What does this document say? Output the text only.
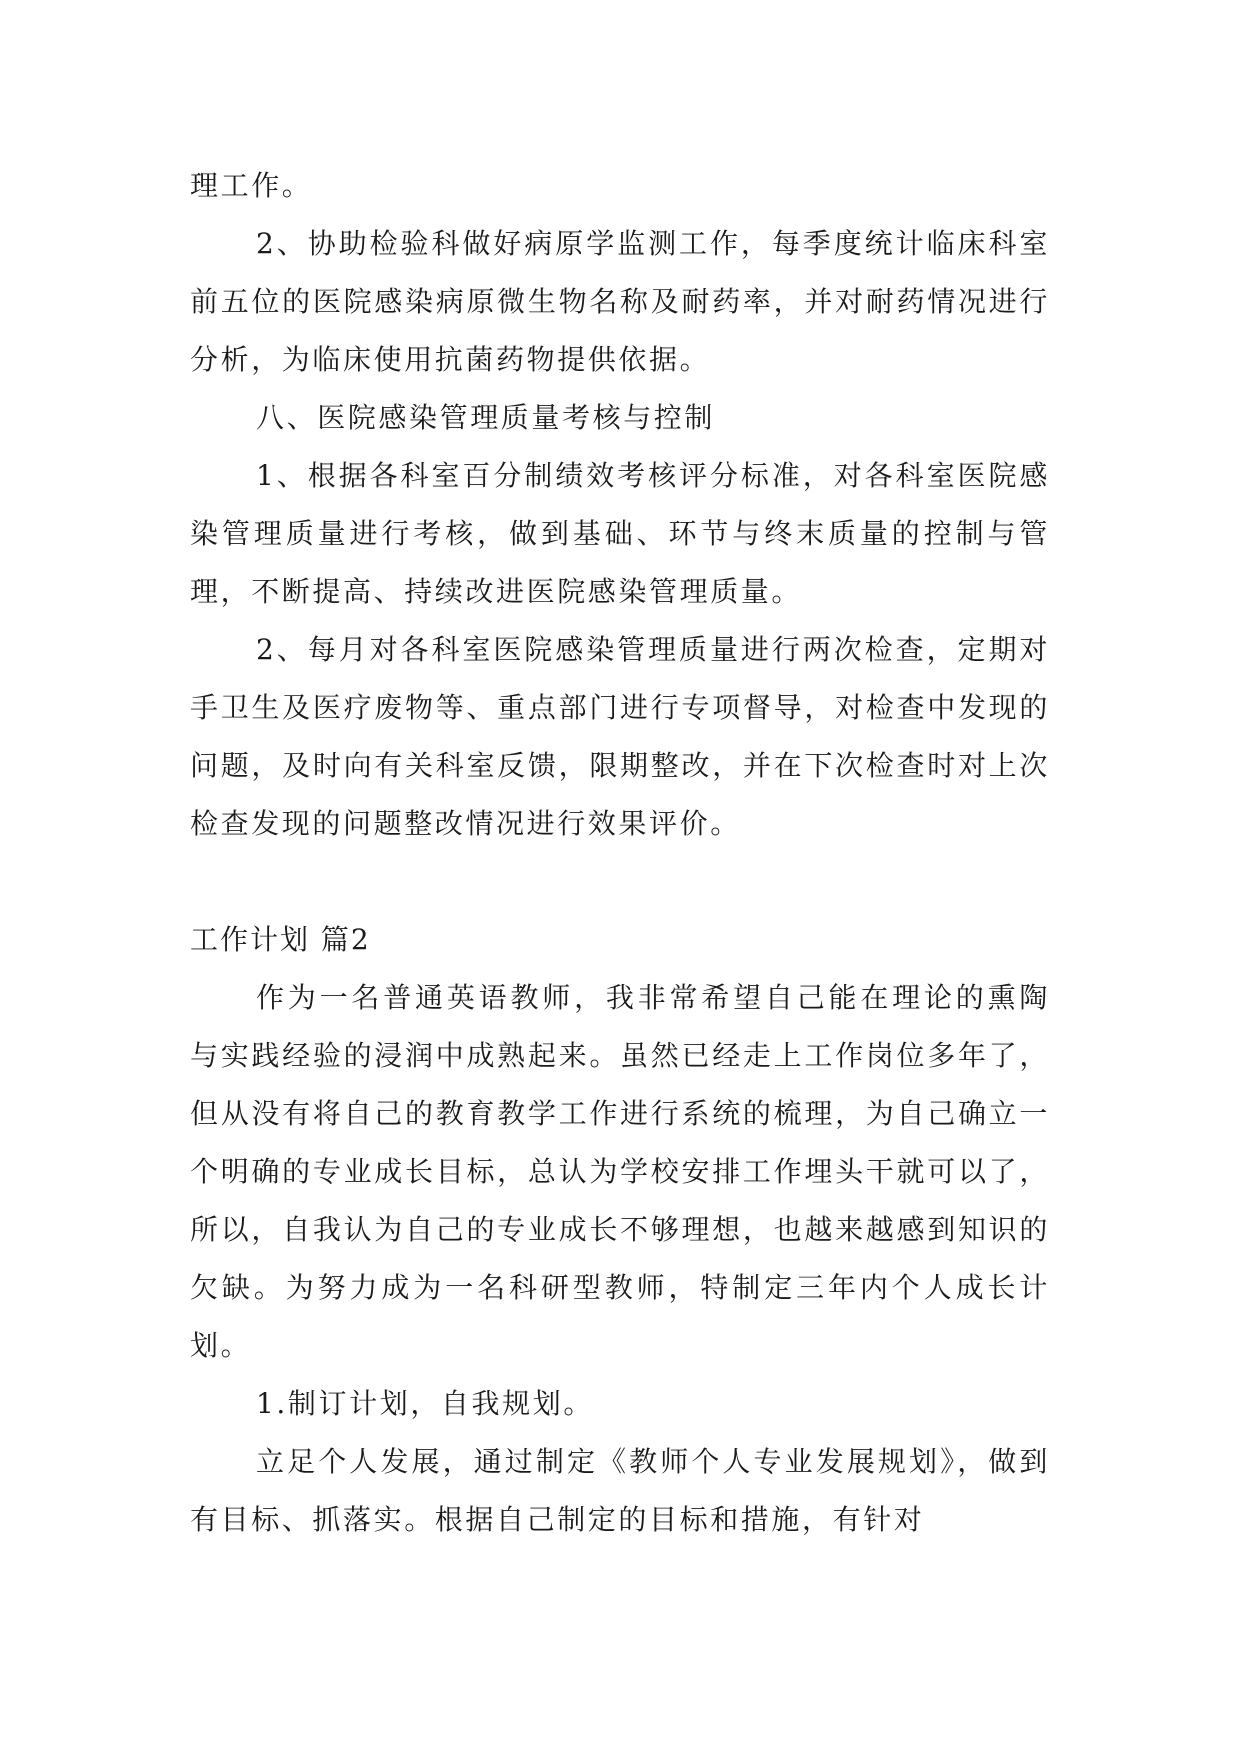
理工作。

2、协助检验科做好病原学监测工作，每季度统计临床科室前五位的医院感染病原微生物名称及耐药率，并对耐药情况进行分析，为临床使用抗菌药物提供依据。

八、医院感染管理质量考核与控制

1、根据各科室百分制绩效考核评分标准，对各科室医院感染管理质量进行考核，做到基础、环节与终末质量的控制与管理，不断提高、持续改进医院感染管理质量。

2、每月对各科室医院感染管理质量进行两次检查，定期对手卫生及医疗废物等、重点部门进行专项督导，对检查中发现的问题，及时向有关科室反馈，限期整改，并在下次检查时对上次检查发现的问题整改情况进行效果评价。

工作计划 篇2

作为一名普通英语教师，我非常希望自己能在理论的熏陶与实践经验的浸润中成熟起来。虽然已经走上工作岗位多年了，但从没有将自己的教育教学工作进行系统的梳理，为自己确立一个明确的专业成长目标，总认为学校安排工作埋头干就可以了，所以，自我认为自己的专业成长不够理想，也越来越感到知识的欠缺。为努力成为一名科研型教师，特制定三年内个人成长计划。

1.制订计划，自我规划。

立足个人发展，通过制定《教师个人专业发展规划》，做到有目标、抓落实。根据自己制定的目标和措施，有针对
